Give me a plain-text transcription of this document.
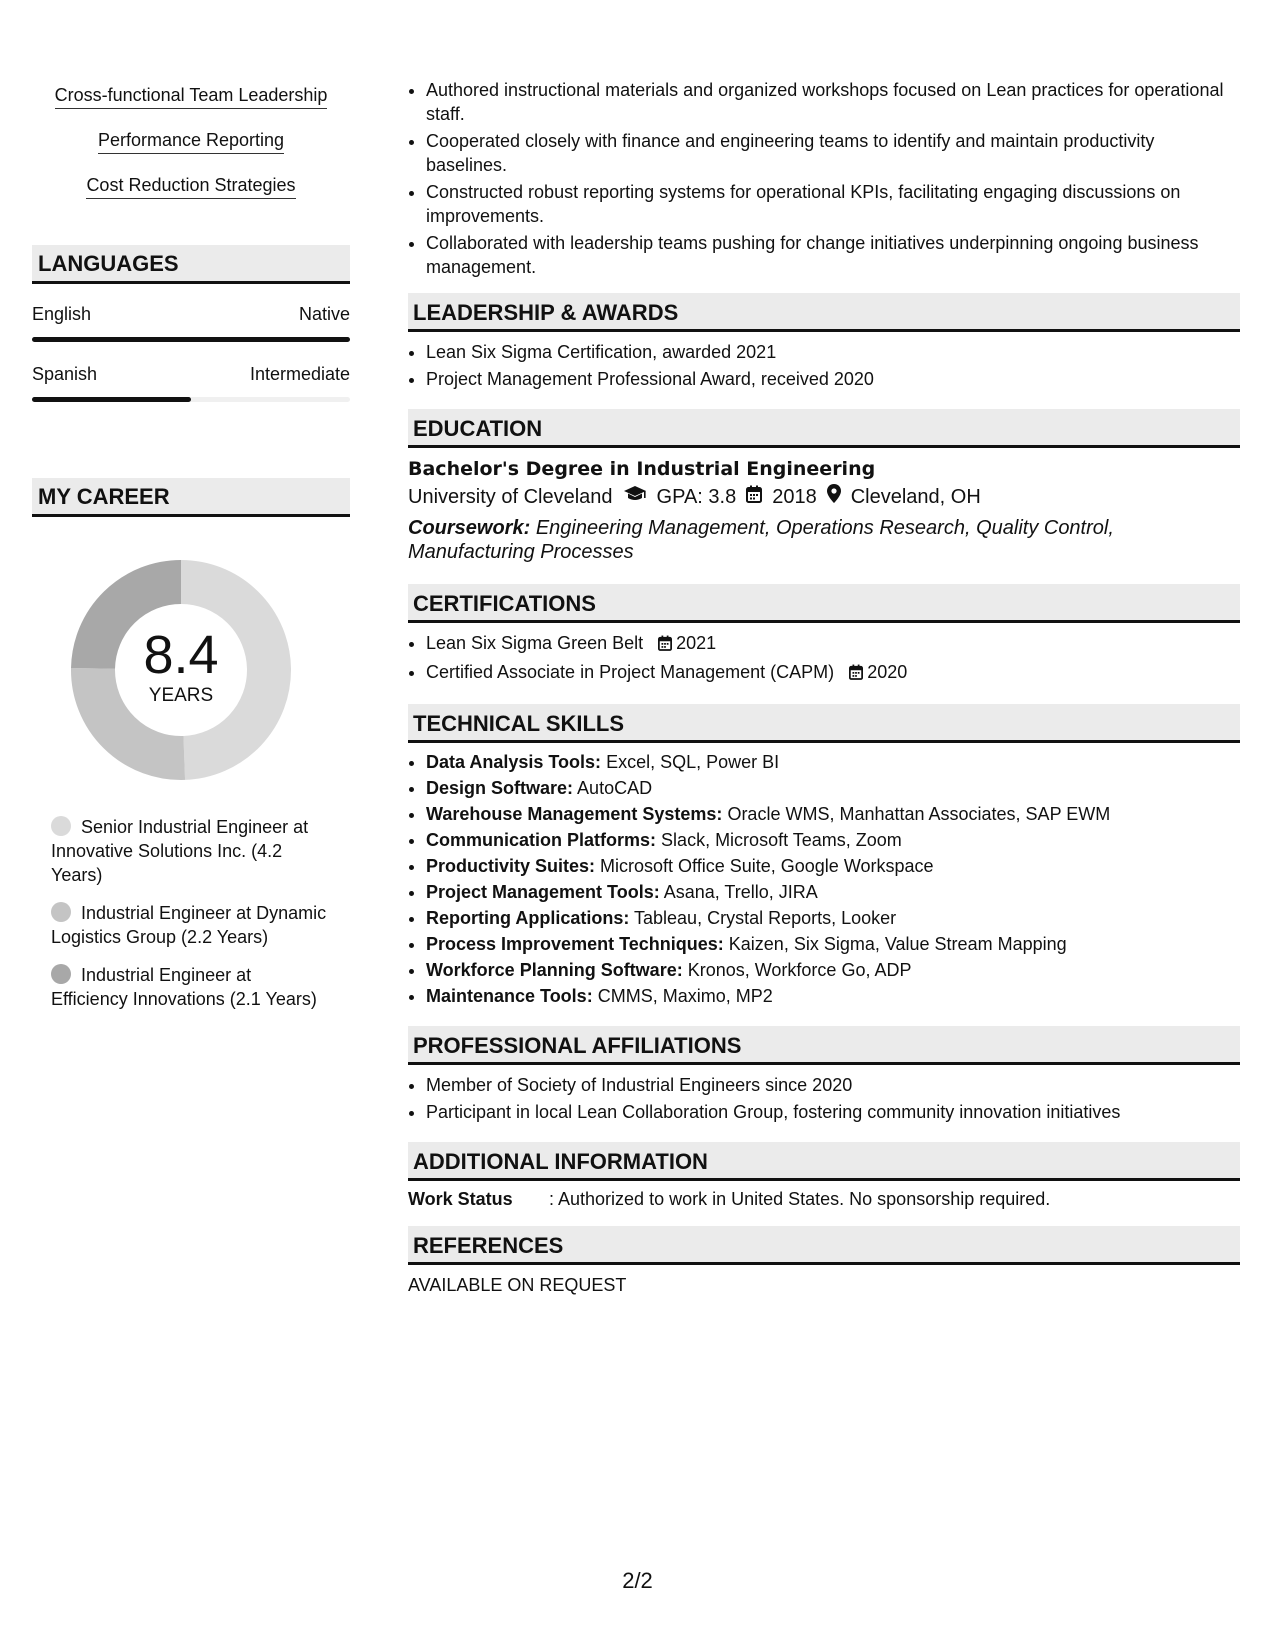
Cross-functional Team Leadership
Performance Reporting
Cost Reduction Strategies
LANGUAGES
English	Native
Spanish	Intermediate
MY CAREER
8.4
YEARS
Senior Industrial Engineer at Innovative Solutions Inc. (4.2 Years)
Industrial Engineer at Dynamic Logistics Group (2.2 Years)
Industrial Engineer at Efficiency Innovations (2.1 Years)
• Authored instructional materials and organized workshops focused on Lean practices for operational staff.
• Cooperated closely with finance and engineering teams to identify and maintain productivity baselines.
• Constructed robust reporting systems for operational KPIs, facilitating engaging discussions on improvements.
• Collaborated with leadership teams pushing for change initiatives underpinning ongoing business management.
LEADERSHIP & AWARDS
• Lean Six Sigma Certification, awarded 2021
• Project Management Professional Award, received 2020
EDUCATION
Bachelor's Degree in Industrial Engineering
University of Cleveland GPA: 3.8 2018 Cleveland, OH
Coursework: Engineering Management, Operations Research, Quality Control, Manufacturing Processes
CERTIFICATIONS
• Lean Six Sigma Green Belt 2021
• Certified Associate in Project Management (CAPM) 2020
TECHNICAL SKILLS
• Data Analysis Tools: Excel, SQL, Power BI
• Design Software: AutoCAD
• Warehouse Management Systems: Oracle WMS, Manhattan Associates, SAP EWM
• Communication Platforms: Slack, Microsoft Teams, Zoom
• Productivity Suites: Microsoft Office Suite, Google Workspace
• Project Management Tools: Asana, Trello, JIRA
• Reporting Applications: Tableau, Crystal Reports, Looker
• Process Improvement Techniques: Kaizen, Six Sigma, Value Stream Mapping
• Workforce Planning Software: Kronos, Workforce Go, ADP
• Maintenance Tools: CMMS, Maximo, MP2
PROFESSIONAL AFFILIATIONS
• Member of Society of Industrial Engineers since 2020
• Participant in local Lean Collaboration Group, fostering community innovation initiatives
ADDITIONAL INFORMATION
Work Status	: Authorized to work in United States. No sponsorship required.
REFERENCES
AVAILABLE ON REQUEST
2/2
